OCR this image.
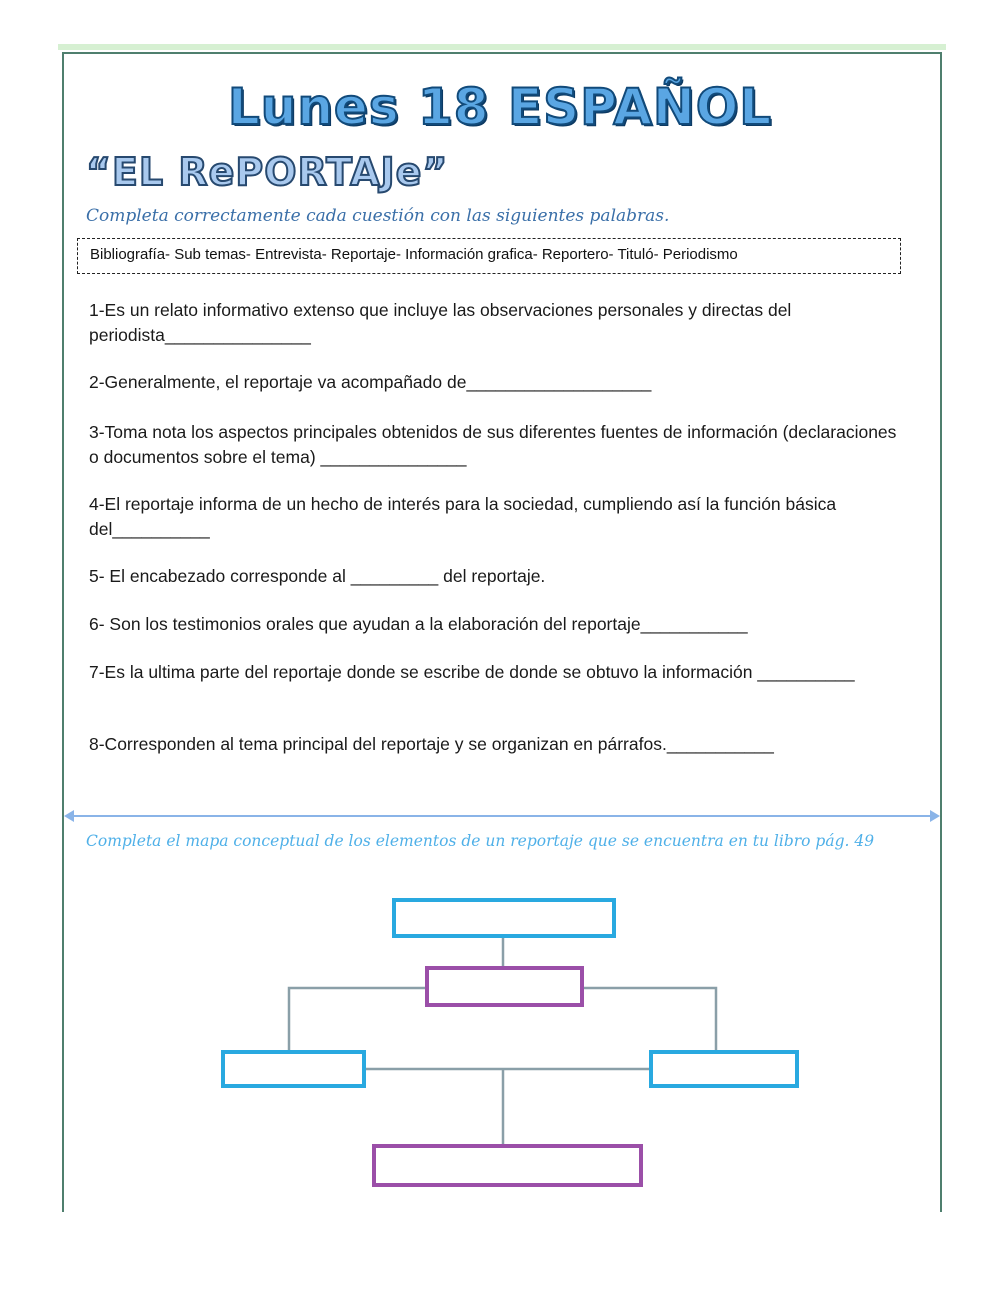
Lunes 18 ESPAÑOL
“EL RePORTAJe”
Completa correctamente cada cuestión con las siguientes palabras.
Bibliografía- Sub temas- Entrevista- Reportaje- Información grafica- Reportero- Tituló- Periodismo
1-Es un relato informativo extenso que incluye las observaciones personales y directas del periodista_______________
2-Generalmente, el reportaje va acompañado de___________________
3-Toma nota los aspectos principales obtenidos de sus diferentes fuentes de información (declaraciones o documentos sobre el tema) _______________
4-El reportaje informa de un hecho de interés para la sociedad, cumpliendo así la función básica del__________
5- El encabezado corresponde al _________ del reportaje.
6- Son los testimonios orales que ayudan a la elaboración del reportaje___________
7-Es la ultima parte del reportaje donde se escribe de donde se obtuvo la información __________
8-Corresponden al tema principal del reportaje y se organizan en párrafos.___________
Completa el mapa conceptual de los elementos de un reportaje que se encuentra en tu libro pág. 49
